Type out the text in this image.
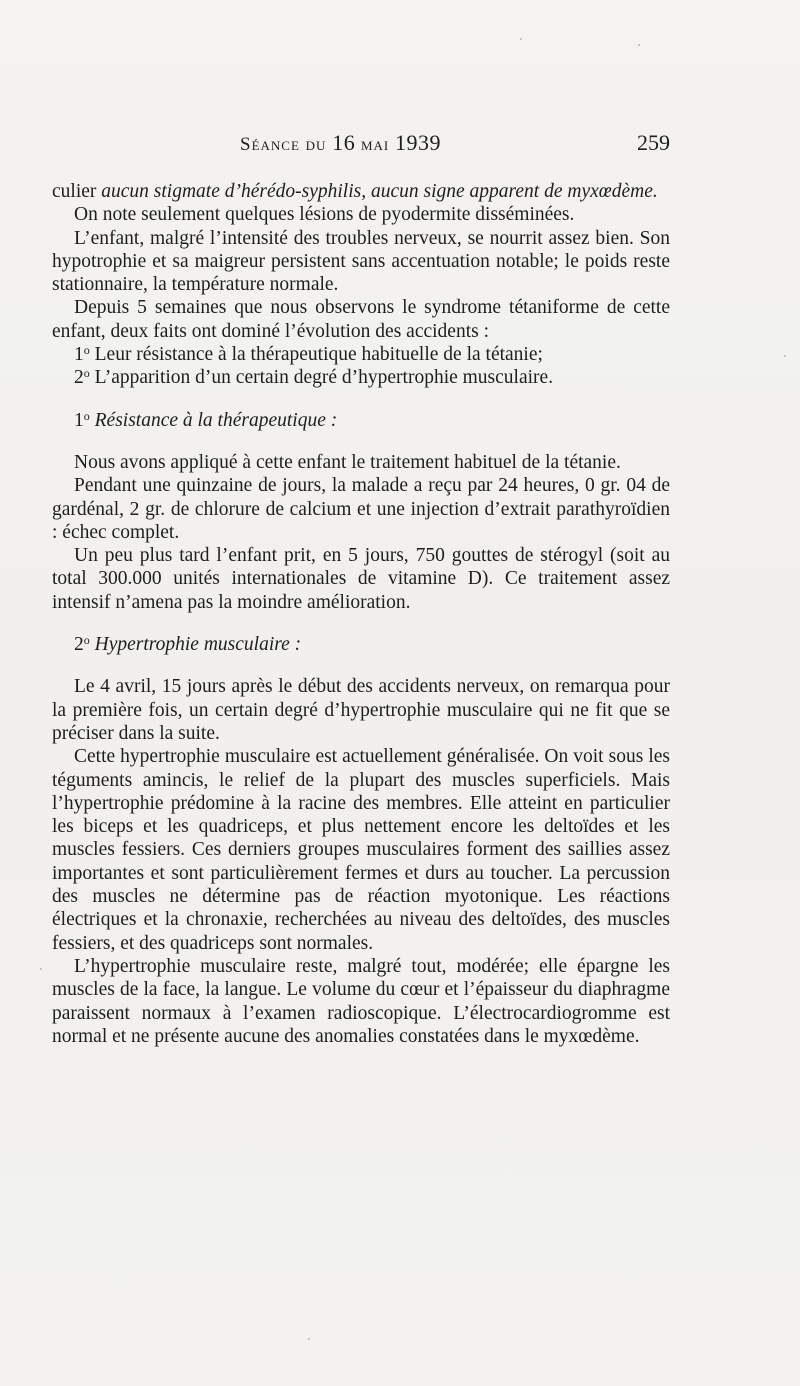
Séance du 16 mai 1939	259

culier aucun stigmate d’hérédo-syphilis, aucun signe apparent de myxœdème.

On note seulement quelques lésions de pyodermite disséminées.

L’enfant, malgré l’intensité des troubles nerveux, se nourrit assez bien. Son hypotrophie et sa maigreur persistent sans accentuation notable; le poids reste stationnaire, la température normale.

Depuis 5 semaines que nous observons le syndrome tétaniforme de cette enfant, deux faits ont dominé l’évolution des accidents :

1$^o$ Leur résistance à la thérapeutique habituelle de la tétanie;

2$^o$ L’apparition d’un certain degré d’hypertrophie musculaire.

1$^o$ Résistance à la thérapeutique :

Nous avons appliqué à cette enfant le traitement habituel de la tétanie.

Pendant une quinzaine de jours, la malade a reçu par 24 heures, 0 gr. 04 de gardénal, 2 gr. de chlorure de calcium et une injection d’extrait parathyroïdien : échec complet.

Un peu plus tard l’enfant prit, en 5 jours, 750 gouttes de stérogyl (soit au total 300.000 unités internationales de vitamine D). Ce traitement assez intensif n’amena pas la moindre amélioration.

2$^o$ Hypertrophie musculaire :

Le 4 avril, 15 jours après le début des accidents nerveux, on remarqua pour la première fois, un certain degré d’hypertrophie musculaire qui ne fit que se préciser dans la suite.

Cette hypertrophie musculaire est actuellement généralisée. On voit sous les téguments amincis, le relief de la plupart des muscles superficiels. Mais l’hypertrophie prédomine à la racine des membres. Elle atteint en particulier les biceps et les quadriceps, et plus nettement encore les deltoïdes et les muscles fessiers. Ces derniers groupes musculaires forment des saillies assez importantes et sont particulièrement fermes et durs au toucher. La percussion des muscles ne détermine pas de réaction myotonique. Les réactions électriques et la chronaxie, recherchées au niveau des deltoïdes, des muscles fessiers, et des quadriceps sont normales.

L’hypertrophie musculaire reste, malgré tout, modérée; elle épargne les muscles de la face, la langue. Le volume du cœur et l’épaisseur du diaphragme paraissent normaux à l’examen radioscopique. L’électrocardiogromme est normal et ne présente aucune des anomalies constatées dans le myxœdème.
